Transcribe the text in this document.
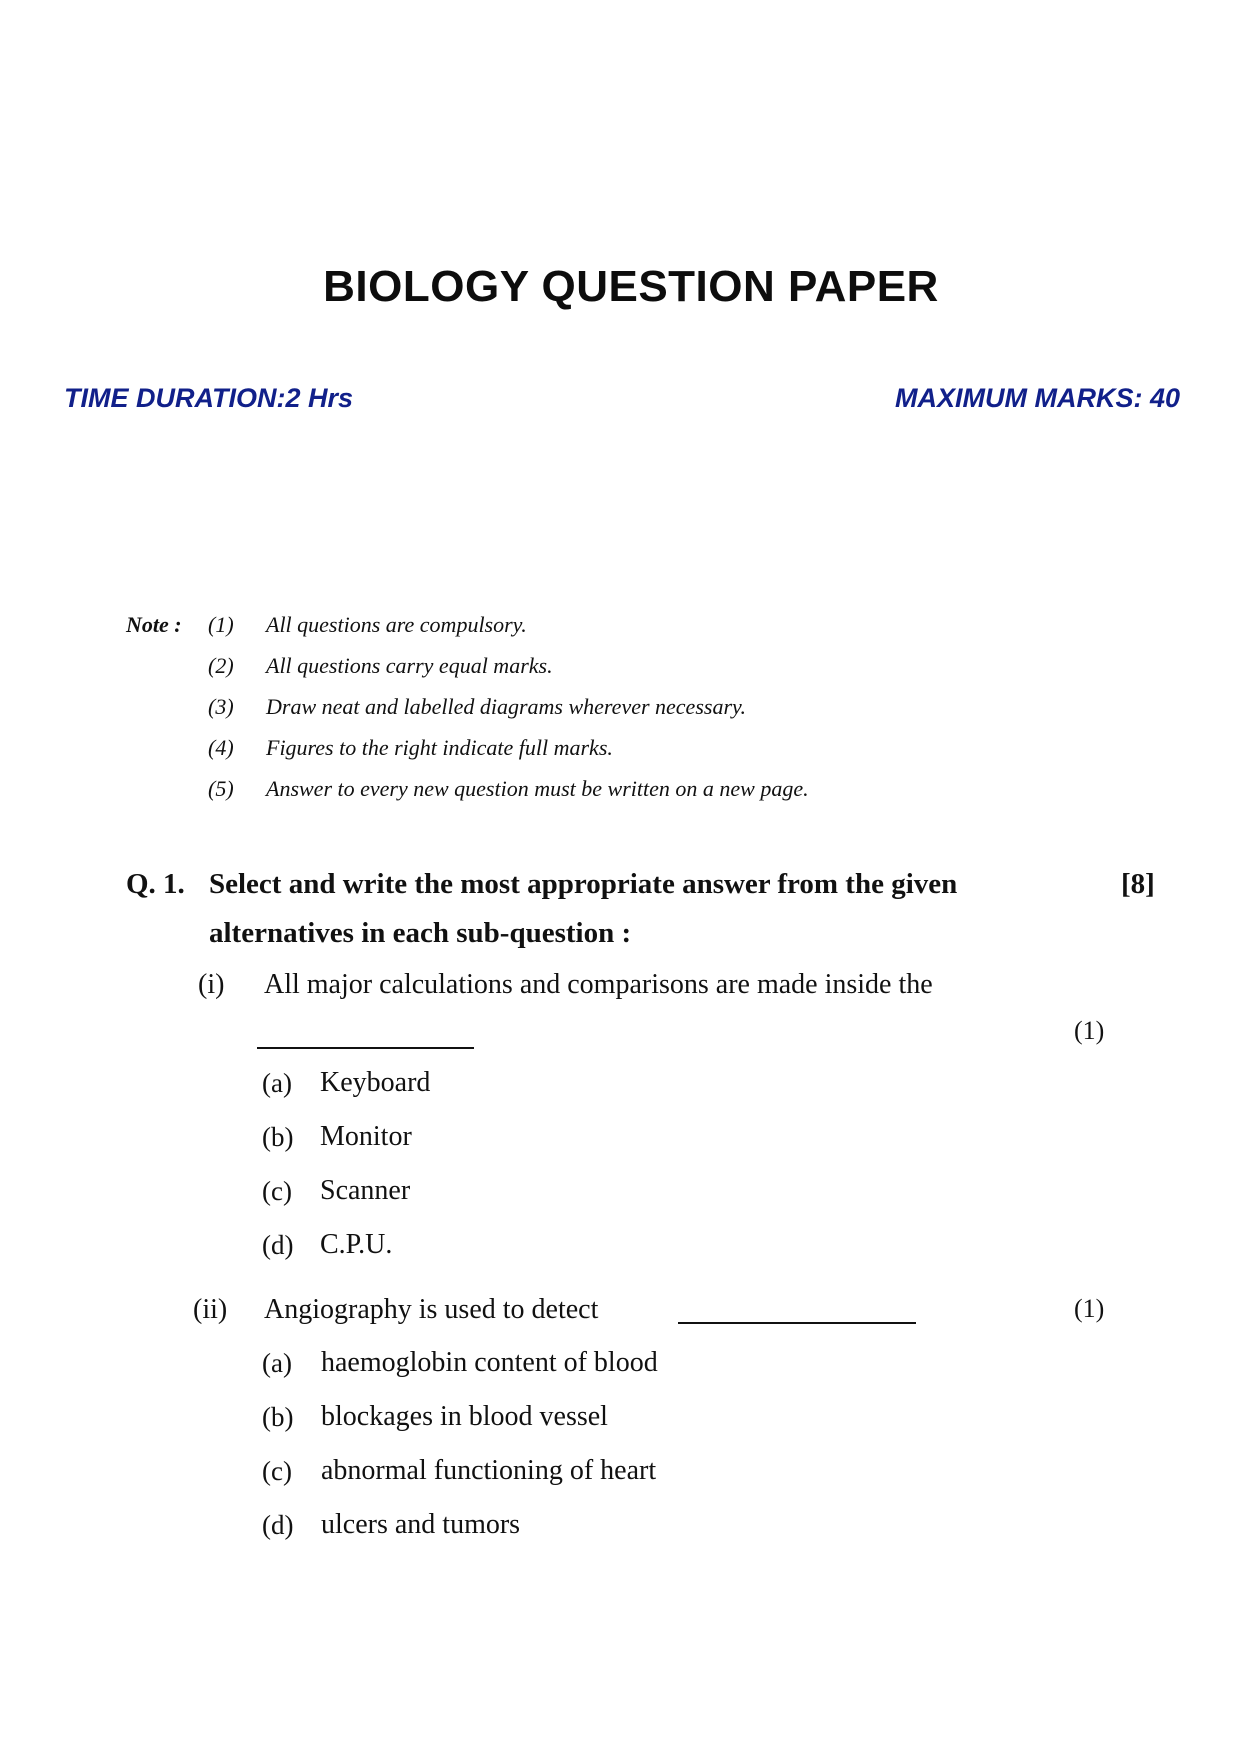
BIOLOGY QUESTION PAPER
TIME DURATION:2 Hrs	MAXIMUM MARKS: 40
Note : (1)	All questions are compulsory.
(2)	All questions carry equal marks.
(3)	Draw neat and labelled diagrams wherever necessary.
(4)	Figures to the right indicate full marks.
(5)	Answer to every new question must be written on a new page.
Q. 1. Select and write the most appropriate answer from the given
alternatives in each sub-question :
[8]
(i) All major calculations and comparisons are made inside the
(1)
(a) Keyboard
(b) Monitor
(c) Scanner
(d) C.P.U.
(ii) Angiography is used to detect	(1)
(a) haemoglobin content of blood
(b) blockages in blood vessel
(c) abnormal functioning of heart
(d) ulcers and tumors
